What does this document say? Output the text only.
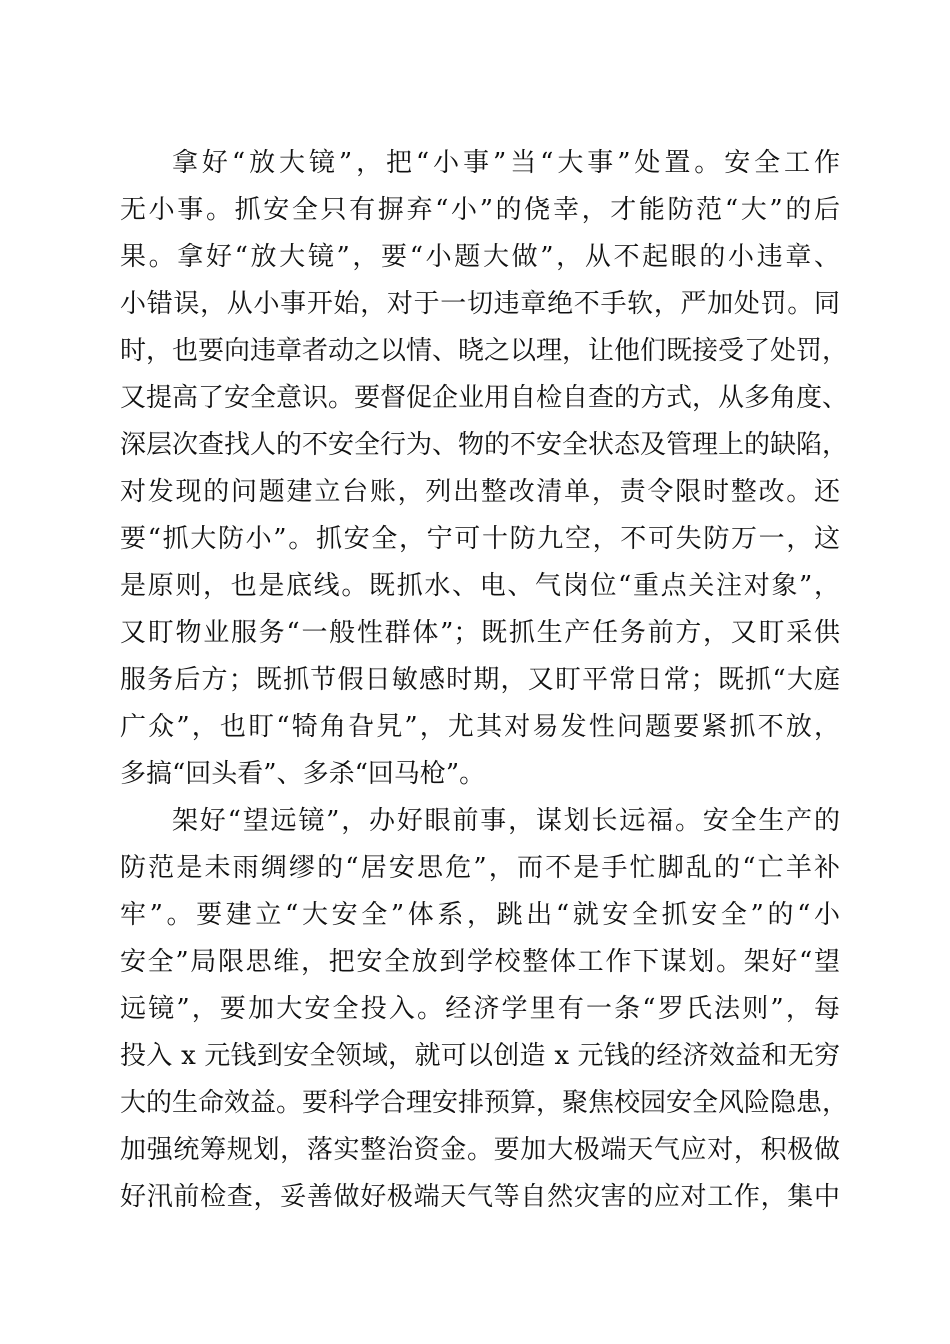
拿好“放大镜”，把“小事”当“大事”处置。安全工作
无小事。抓安全只有摒弃“小”的侥幸，才能防范“大”的后
果。拿好“放大镜”，要“小题大做”，从不起眼的小违章、
小错误，从小事开始，对于一切违章绝不手软，严加处罚。同
时，也要向违章者动之以情、晓之以理，让他们既接受了处罚，
又提高了安全意识。要督促企业用自检自查的方式，从多角度、
深层次查找人的不安全行为、物的不安全状态及管理上的缺陷，
对发现的问题建立台账，列出整改清单，责令限时整改。还
要“抓大防小”。抓安全，宁可十防九空，不可失防万一，这
是原则，也是底线。既抓水、电、气岗位“重点关注对象”，
又盯物业服务“一般性群体”；既抓生产任务前方，又盯采供
服务后方；既抓节假日敏感时期，又盯平常日常；既抓“大庭
广众”，也盯“犄角旮旯”，尤其对易发性问题要紧抓不放，
多搞“回头看”、多杀“回马枪”。
架好“望远镜”，办好眼前事，谋划长远福。安全生产的
防范是未雨绸缪的“居安思危”，而不是手忙脚乱的“亡羊补
牢”。要建立“大安全”体系，跳出“就安全抓安全”的“小
安全”局限思维，把安全放到学校整体工作下谋划。架好“望
远镜”，要加大安全投入。经济学里有一条“罗氏法则”，每
投入 x 元钱到安全领域，就可以创造 x 元钱的经济效益和无穷
大的生命效益。要科学合理安排预算，聚焦校园安全风险隐患，
加强统筹规划，落实整治资金。要加大极端天气应对，积极做
好汛前检查，妥善做好极端天气等自然灾害的应对工作，集中
